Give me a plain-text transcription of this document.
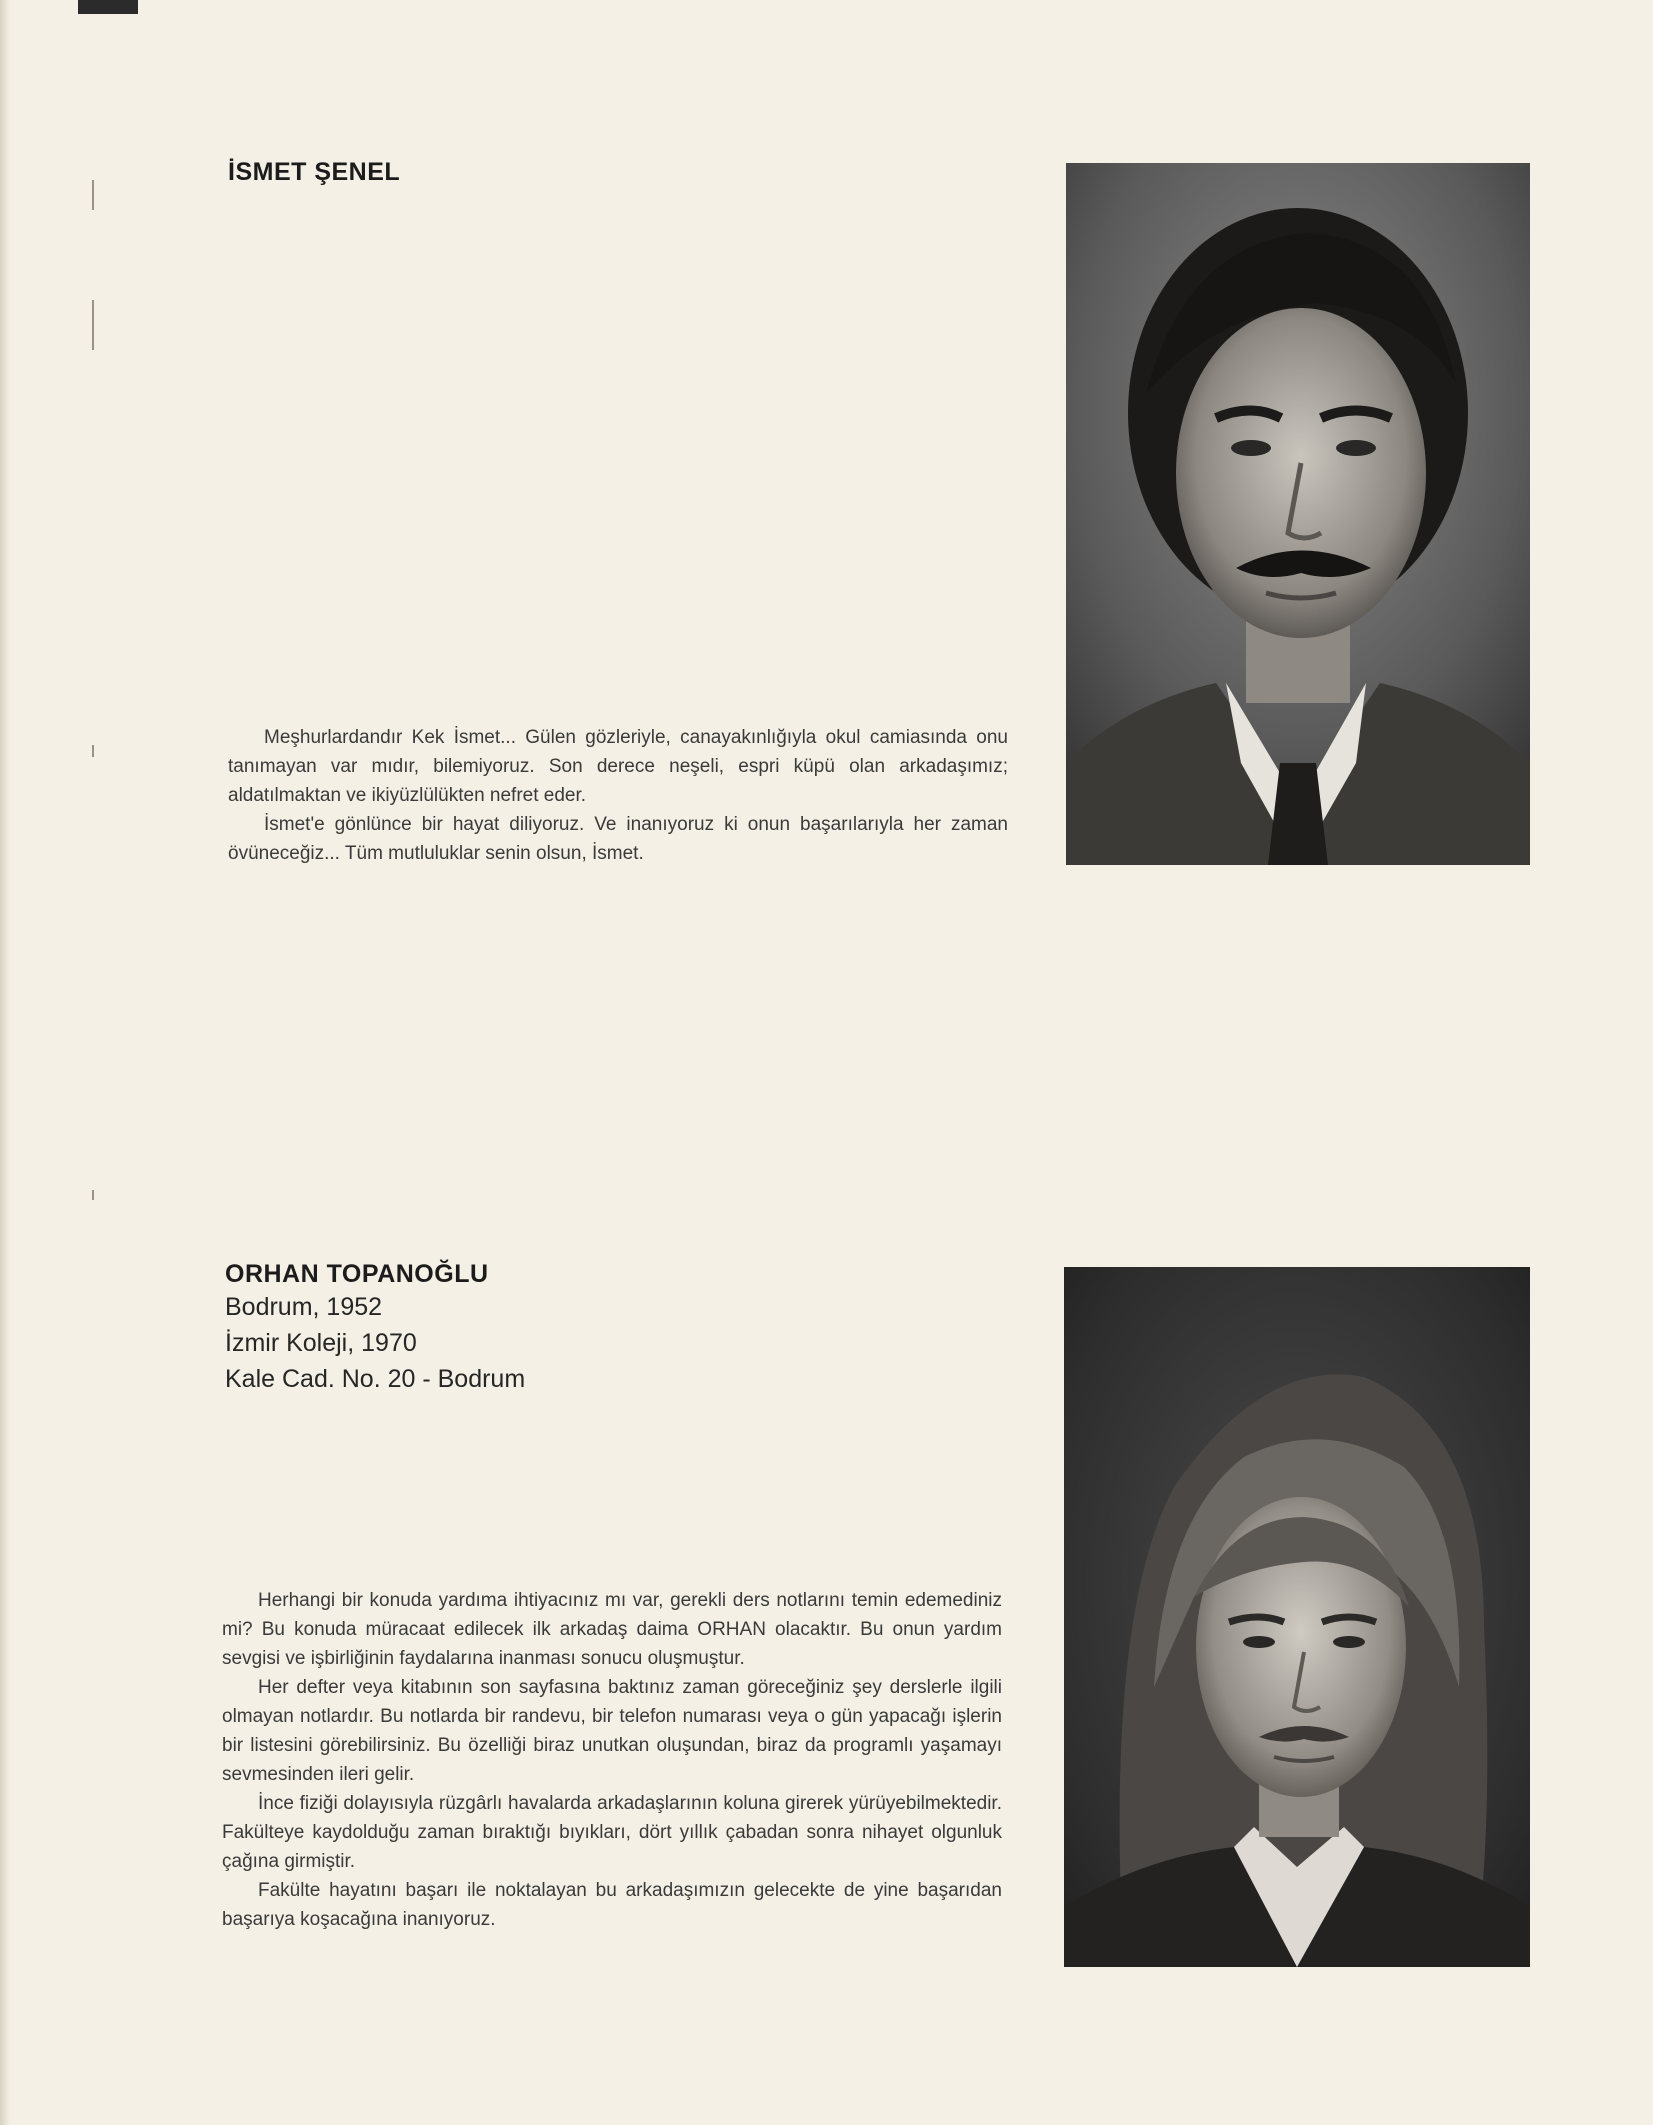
İSMET ŞENEL

Meşhurlardandır Kek İsmet... Gülen gözleriyle, canayakınlığıyla okul camiasında onu tanımayan var mıdır, bilemiyoruz. Son derece neşeli, espri küpü olan arkadaşımız; aldatılmaktan ve ikiyüzlülükten nefret eder.

İsmet'e gönlünce bir hayat diliyoruz. Ve inanıyoruz ki onun başarılarıyla her zaman övüneceğiz... Tüm mutluluklar senin olsun, İsmet.

ORHAN TOPANOĞLU

Bodrum, 1952

İzmir Koleji, 1970

Kale Cad. No. 20 - Bodrum

Herhangi bir konuda yardıma ihtiyacınız mı var, gerekli ders notlarını temin edemediniz mi? Bu konuda müracaat edilecek ilk arkadaş daima ORHAN olacaktır. Bu onun yardım sevgisi ve işbirliğinin faydalarına inanması sonucu oluşmuştur.

Her defter veya kitabının son sayfasına baktınız zaman göreceğiniz şey derslerle ilgili olmayan notlardır. Bu notlarda bir randevu, bir telefon numarası veya o gün yapacağı işlerin bir listesini görebilirsiniz. Bu özelliği biraz unutkan oluşundan, biraz da programlı yaşamayı sevmesinden ileri gelir.

İnce fiziği dolayısıyla rüzgârlı havalarda arkadaşlarının koluna girerek yürüyebilmektedir. Fakülteye kaydolduğu zaman bıraktığı bıyıkları, dört yıllık çabadan sonra nihayet olgunluk çağına girmiştir.

Fakülte hayatını başarı ile noktalayan bu arkadaşımızın gelecekte de yine başarıdan başarıya koşacağına inanıyoruz.
